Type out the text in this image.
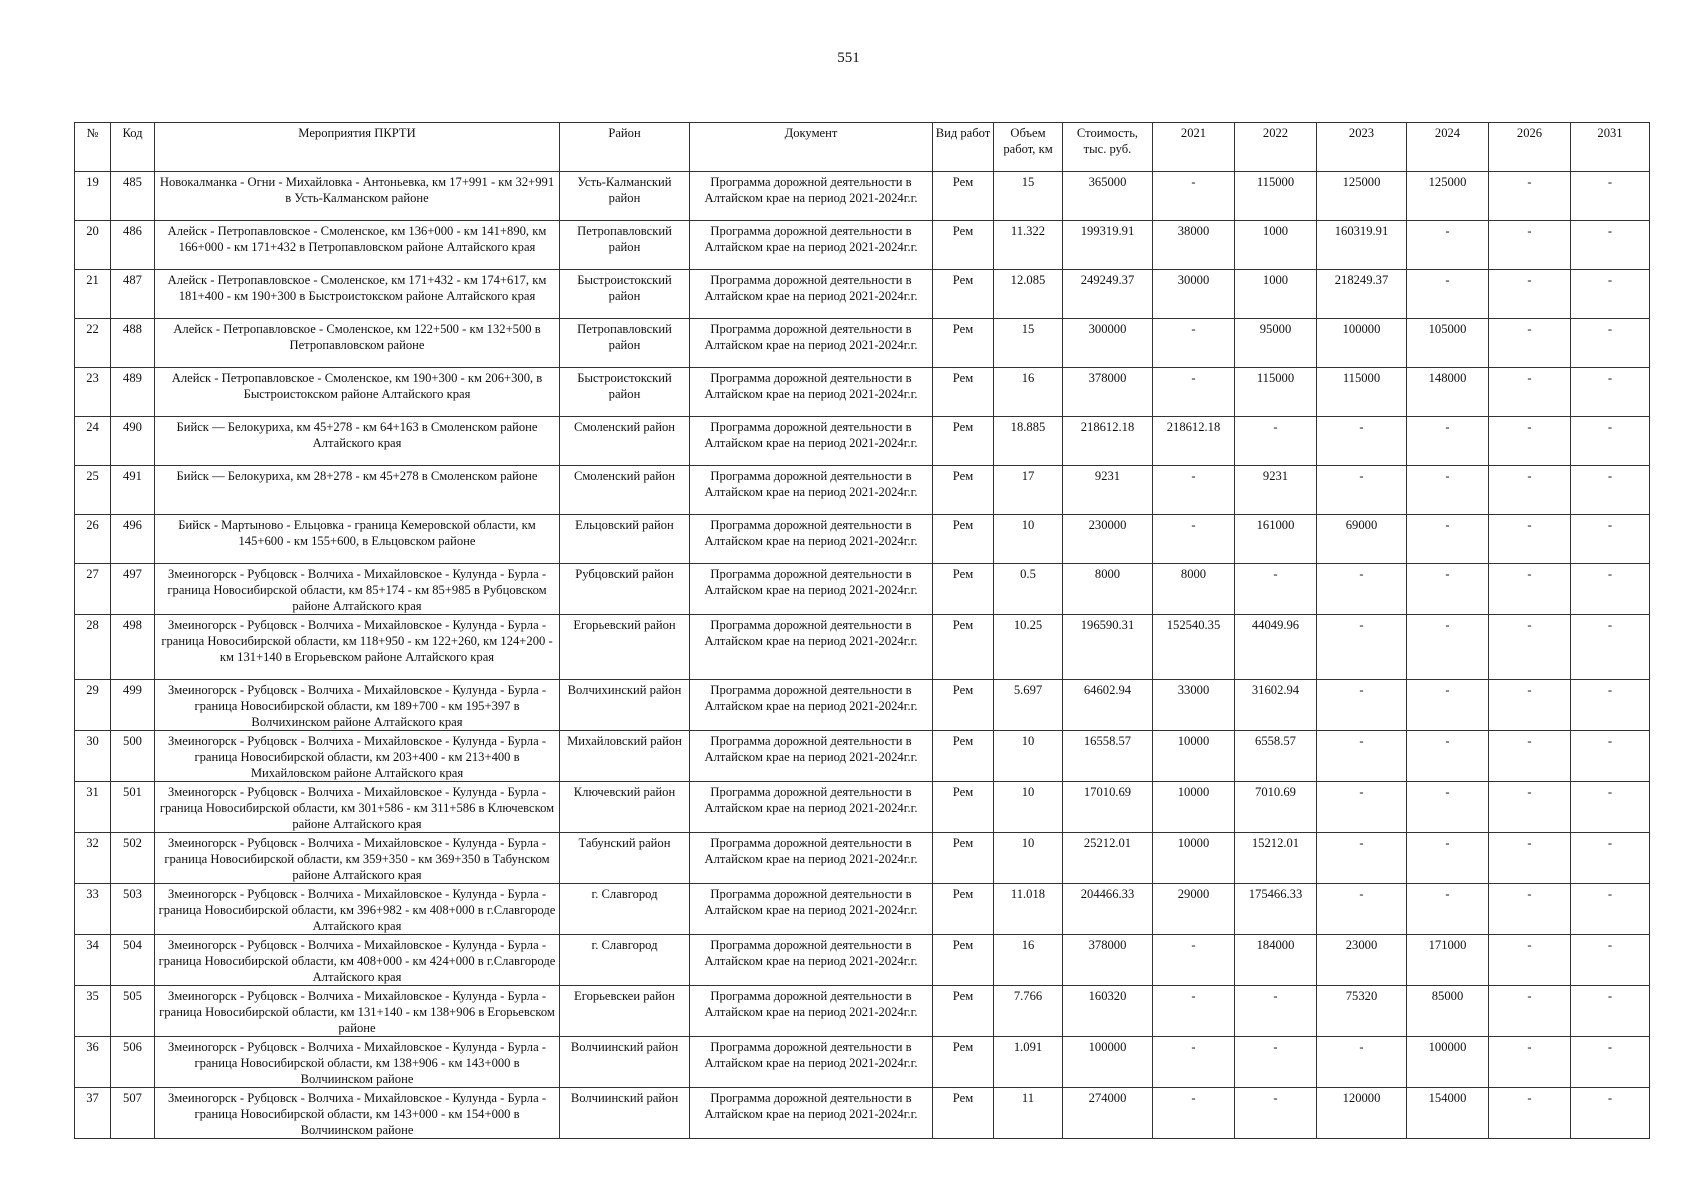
551
№	Код	Мероприятия ПКРТИ	Район	Документ	Вид работ	Объем работ, км	Стоимость, тыс. руб.	2021	2022	2023	2024	2026	2031
19	485	Новокалманка - Огни - Михайловка - Антоньевка, км 17+991 - км 32+991 в Усть-Калманском районе	Усть-Калманский район	Программа дорожной деятельности в Алтайском крае на период 2021-2024г.г.	Рем	15	365000	-	115000	125000	125000	-	-
20	486	Алейск - Петропавловское - Смоленское, км 136+000 - км 141+890, км 166+000 - км 171+432 в Петропавловском районе Алтайского края	Петропавловский район	Программа дорожной деятельности в Алтайском крае на период 2021-2024г.г.	Рем	11.322	199319.91	38000	1000	160319.91	-	-	-
21	487	Алейск - Петропавловское - Смоленское, км 171+432 - км 174+617, км 181+400 - км 190+300 в Быстроистокском районе Алтайского края	Быстроистокский район	Программа дорожной деятельности в Алтайском крае на период 2021-2024г.г.	Рем	12.085	249249.37	30000	1000	218249.37	-	-	-
22	488	Алейск - Петропавловское - Смоленское, км 122+500 - км 132+500 в Петропавловском районе	Петропавловский район	Программа дорожной деятельности в Алтайском крае на период 2021-2024г.г.	Рем	15	300000	-	95000	100000	105000	-	-
23	489	Алейск - Петропавловское - Смоленское, км 190+300 - км 206+300, в Быстроистокском районе Алтайского края	Быстроистокский район	Программа дорожной деятельности в Алтайском крае на период 2021-2024г.г.	Рем	16	378000	-	115000	115000	148000	-	-
24	490	Бийск — Белокуриха, км 45+278 - км 64+163 в Смоленском районе Алтайского края	Смоленский район	Программа дорожной деятельности в Алтайском крае на период 2021-2024г.г.	Рем	18.885	218612.18	218612.18	-	-	-	-	-
25	491	Бийск — Белокуриха, км 28+278 - км 45+278 в Смоленском районе	Смоленский район	Программа дорожной деятельности в Алтайском крае на период 2021-2024г.г.	Рем	17	9231	-	9231	-	-	-	-
26	496	Бийск - Мартыново - Ельцовка - граница Кемеровской области, км 145+600 - км 155+600, в Ельцовском районе	Ельцовский район	Программа дорожной деятельности в Алтайском крае на период 2021-2024г.г.	Рем	10	230000	-	161000	69000	-	-	-
27	497	Змеиногорск - Рубцовск - Волчиха - Михайловское - Кулунда - Бурла - граница Новосибирской области, км 85+174 - км 85+985 в Рубцовском районе Алтайского края	Рубцовский район	Программа дорожной деятельности в Алтайском крае на период 2021-2024г.г.	Рем	0.5	8000	8000	-	-	-	-	-
28	498	Змеиногорск - Рубцовск - Волчиха - Михайловское - Кулунда - Бурла - граница Новосибирской области, км 118+950 - км 122+260, км 124+200 - км 131+140 в Егорьевском районе Алтайского края	Егорьевский район	Программа дорожной деятельности в Алтайском крае на период 2021-2024г.г.	Рем	10.25	196590.31	152540.35	44049.96	-	-	-	-
29	499	Змеиногорск - Рубцовск - Волчиха - Михайловское - Кулунда - Бурла - граница Новосибирской области, км 189+700 - км 195+397 в Волчихинском районе Алтайского края	Волчихинский район	Программа дорожной деятельности в Алтайском крае на период 2021-2024г.г.	Рем	5.697	64602.94	33000	31602.94	-	-	-	-
30	500	Змеиногорск - Рубцовск - Волчиха - Михайловское - Кулунда - Бурла - граница Новосибирской области, км 203+400 - км 213+400 в Михайловском районе Алтайского края	Михайловский район	Программа дорожной деятельности в Алтайском крае на период 2021-2024г.г.	Рем	10	16558.57	10000	6558.57	-	-	-	-
31	501	Змеиногорск - Рубцовск - Волчиха - Михайловское - Кулунда - Бурла - граница Новосибирской области, км 301+586 - км 311+586 в Ключевском районе Алтайского края	Ключевский район	Программа дорожной деятельности в Алтайском крае на период 2021-2024г.г.	Рем	10	17010.69	10000	7010.69	-	-	-	-
32	502	Змеиногорск - Рубцовск - Волчиха - Михайловское - Кулунда - Бурла - граница Новосибирской области, км 359+350 - км 369+350 в Табунском районе Алтайского края	Табунский район	Программа дорожной деятельности в Алтайском крае на период 2021-2024г.г.	Рем	10	25212.01	10000	15212.01	-	-	-	-
33	503	Змеиногорск - Рубцовск - Волчиха - Михайловское - Кулунда - Бурла - граница Новосибирской области, км 396+982 - км 408+000 в г.Славгороде Алтайского края	г. Славгород	Программа дорожной деятельности в Алтайском крае на период 2021-2024г.г.	Рем	11.018	204466.33	29000	175466.33	-	-	-	-
34	504	Змеиногорск - Рубцовск - Волчиха - Михайловское - Кулунда - Бурла - граница Новосибирской области, км 408+000 - км 424+000 в г.Славгороде Алтайского края	г. Славгород	Программа дорожной деятельности в Алтайском крае на период 2021-2024г.г.	Рем	16	378000	-	184000	23000	171000	-	-
35	505	Змеиногорск - Рубцовск - Волчиха - Михайловское - Кулунда - Бурла - граница Новосибирской области, км 131+140 - км 138+906 в Егорьевском районе	Егорьевскеи район	Программа дорожной деятельности в Алтайском крае на период 2021-2024г.г.	Рем	7.766	160320	-	-	75320	85000	-	-
36	506	Змеиногорск - Рубцовск - Волчиха - Михайловское - Кулунда - Бурла - граница Новосибирской области, км 138+906 - км 143+000 в Волчиинском районе	Волчиинский район	Программа дорожной деятельности в Алтайском крае на период 2021-2024г.г.	Рем	1.091	100000	-	-	-	100000	-	-
37	507	Змеиногорск - Рубцовск - Волчиха - Михайловское - Кулунда - Бурла - граница Новосибирской области, км 143+000 - км 154+000 в Волчиинском районе	Волчиинский район	Программа дорожной деятельности в Алтайском крае на период 2021-2024г.г.	Рем	11	274000	-	-	120000	154000	-	-
